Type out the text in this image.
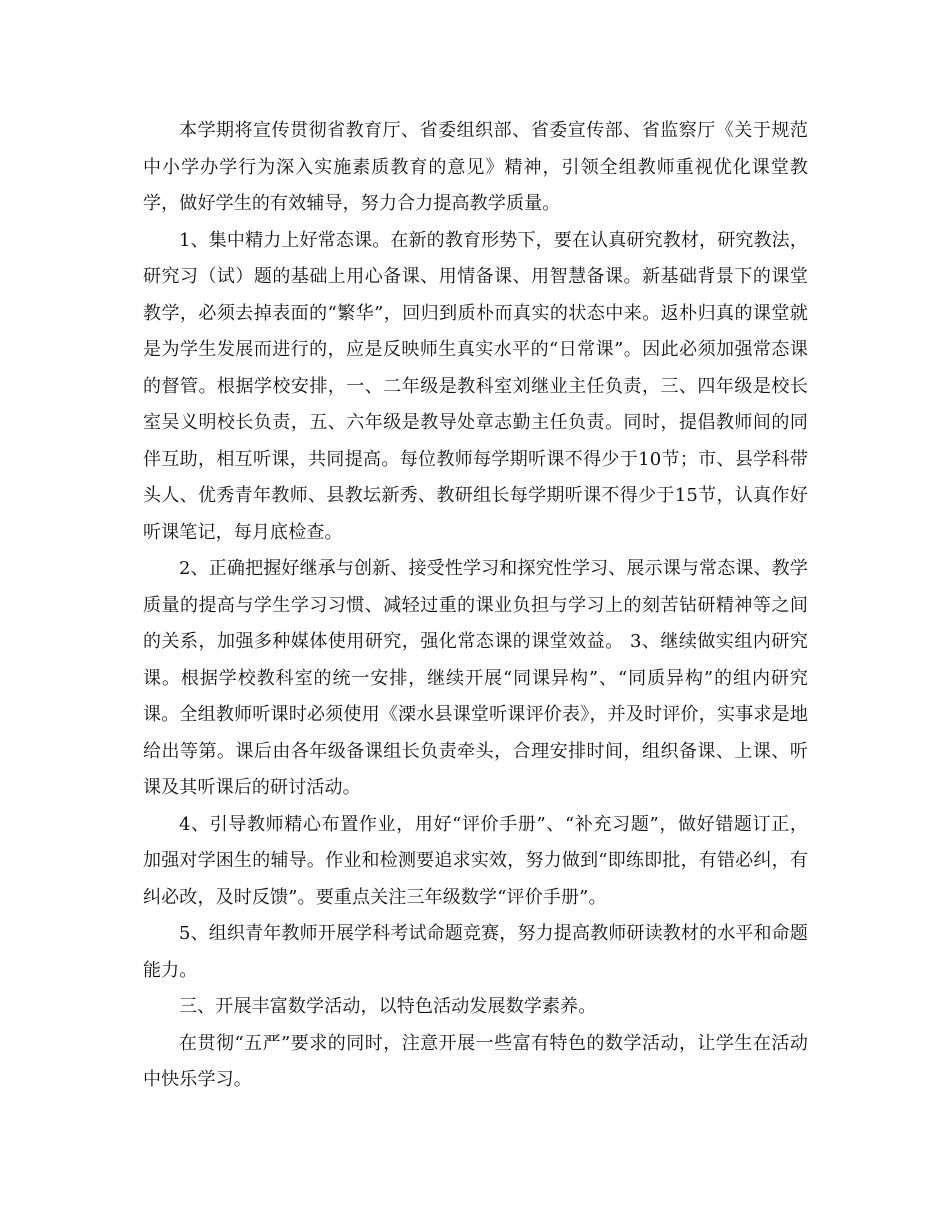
本学期将宣传贯彻省教育厅、省委组织部、省委宣传部、省监察厅《关于规范中小学办学行为深入实施素质教育的意见》精神，引领全组教师重视优化课堂教学，做好学生的有效辅导，努力合力提高教学质量。

1、集中精力上好常态课。在新的教育形势下，要在认真研究教材，研究教法，研究习（试）题的基础上用心备课、用情备课、用智慧备课。新基础背景下的课堂教学，必须去掉表面的“繁华”，回归到质朴而真实的状态中来。返朴归真的课堂就是为学生发展而进行的，应是反映师生真实水平的“日常课”。因此必须加强常态课的督管。根据学校安排，一、二年级是教科室刘继业主任负责，三、四年级是校长室吴义明校长负责，五、六年级是教导处章志勤主任负责。同时，提倡教师间的同伴互助，相互听课，共同提高。每位教师每学期听课不得少于10节；市、县学科带头人、优秀青年教师、县教坛新秀、教研组长每学期听课不得少于15节，认真作好听课笔记，每月底检查。

2、正确把握好继承与创新、接受性学习和探究性学习、展示课与常态课、教学质量的提高与学生学习习惯、减轻过重的课业负担与学习上的刻苦钻研精神等之间的关系，加强多种媒体使用研究，强化常态课的课堂效益。 3、继续做实组内研究课。根据学校教科室的统一安排，继续开展“同课异构”、“同质异构”的组内研究课。全组教师听课时必须使用《溧水县课堂听课评价表》，并及时评价，实事求是地给出等第。课后由各年级备课组长负责牵头，合理安排时间，组织备课、上课、听课及其听课后的研讨活动。

4、引导教师精心布置作业，用好“评价手册”、“补充习题”，做好错题订正，加强对学困生的辅导。作业和检测要追求实效，努力做到“即练即批，有错必纠，有纠必改，及时反馈”。要重点关注三年级数学“评价手册”。

5、组织青年教师开展学科考试命题竞赛，努力提高教师研读教材的水平和命题能力。

三、开展丰富数学活动，以特色活动发展数学素养。

在贯彻“五严”要求的同时，注意开展一些富有特色的数学活动，让学生在活动中快乐学习。
